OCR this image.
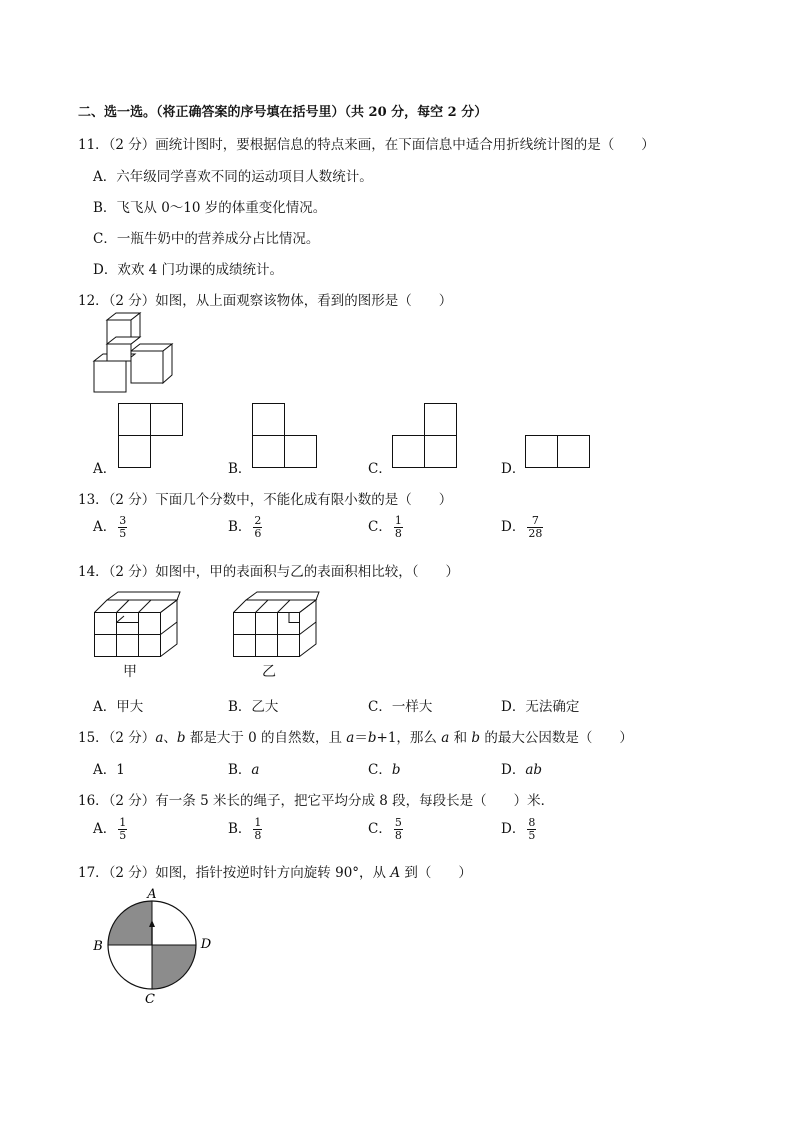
二、选一选。（将正确答案的序号填在括号里）（共 20 分，每空 2 分）
11．（2 分）画统计图时，要根据信息的特点来画，在下面信息中适合用折线统计图的是（　　）
A．六年级同学喜欢不同的运动项目人数统计。
B．飞飞从 0～10 岁的体重变化情况。
C．一瓶牛奶中的营养成分占比情况。
D．欢欢 4 门功课的成绩统计。
12．（2 分）如图，从上面观察该物体，看到的图形是（　　）
A．	B．	C．	D．
13．（2 分）下面几个分数中，不能化成有限小数的是（　　）
A． $\frac{3}{5}$	B． $\frac{2}{6}$	C． $\frac{1}{8}$	D． $\frac{7}{28}$
14．（2 分）如图中，甲的表面积与乙的表面积相比较，（　　）
甲	乙
A．甲大	B．乙大	C．一样大	D．无法确定
15．（2 分）a、b 都是大于 0 的自然数，且 a＝b+1，那么 a 和 b 的最大公因数是（　　）
A．1	B．a	C．b	D．ab
16．（2 分）有一条 5 米长的绳子，把它平均分成 8 段，每段长是（　　）米．
A． $\frac{1}{5}$	B． $\frac{1}{8}$	C． $\frac{5}{8}$	D． $\frac{8}{5}$
17．（2 分）如图，指针按逆时针方向旋转 90°，从 A 到（　　）
A
B
C
D
